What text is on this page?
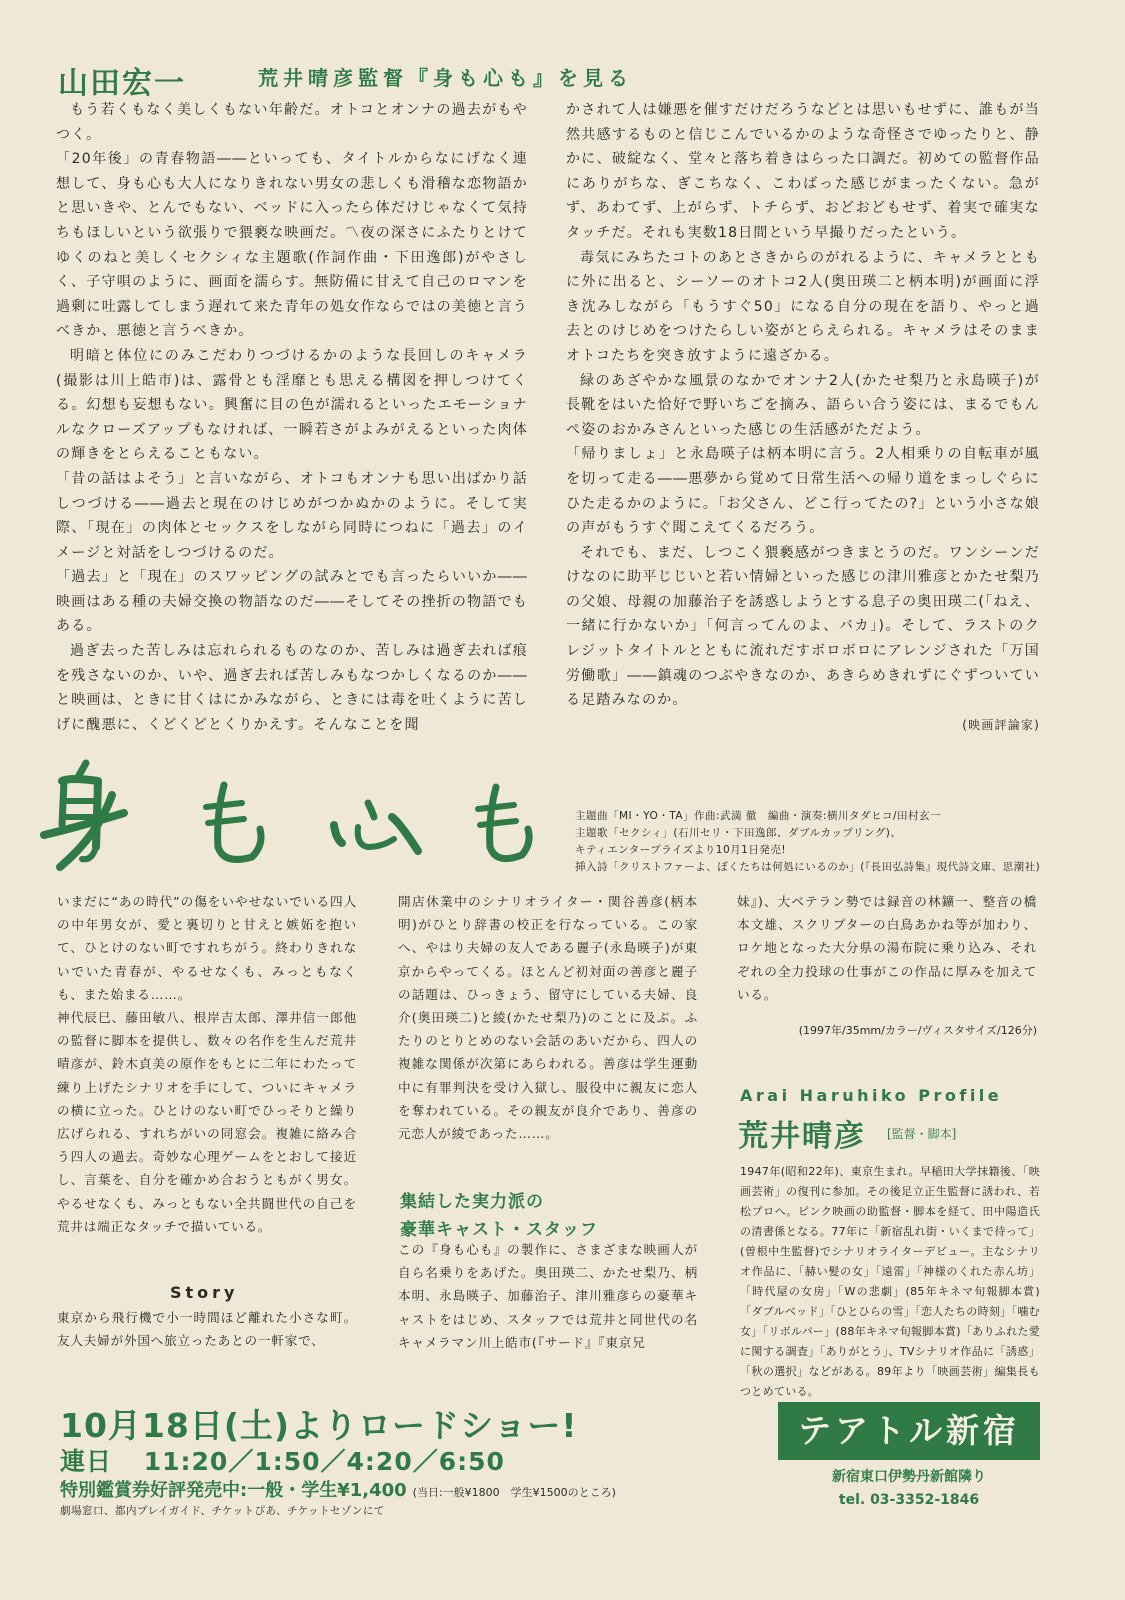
山田宏一	荒井晴彦監督『身も心も』を見る

もう若くもなく美しくもない年齢だ。オトコとオンナの過去がもやつく。

「20年後」の青春物語――といっても、タイトルからなにげなく連想して、身も心も大人になりきれない男女の悲しくも滑稽な恋物語かと思いきや、とんでもない、ベッドに入ったら体だけじゃなくて気持ちもほしいという欲張りで猥褻な映画だ。〽夜の深さにふたりとけてゆくのねと美しくセクシィな主題歌(作詞作曲・下田逸郎)がやさしく、子守唄のように、画面を濡らす。無防備に甘えて自己のロマンを過剰に吐露してしまう遅れて来た青年の処女作ならではの美徳と言うべきか、悪徳と言うべきか。

明暗と体位にのみこだわりつづけるかのような長回しのキャメラ(撮影は川上皓市)は、露骨とも淫靡とも思える構図を押しつけてくる。幻想も妄想もない。興奮に目の色が濡れるといったエモーショナルなクローズアップもなければ、一瞬若さがよみがえるといった肉体の輝きをとらえることもない。

「昔の話はよそう」と言いながら、オトコもオンナも思い出ばかり話しつづける――過去と現在のけじめがつかぬかのように。そして実際、「現在」の肉体とセックスをしながら同時につねに「過去」のイメージと対話をしつづけるのだ。

「過去」と「現在」のスワッピングの試みとでも言ったらいいか――映画はある種の夫婦交換の物語なのだ――そしてその挫折の物語でもある。

過ぎ去った苦しみは忘れられるものなのか、苦しみは過ぎ去れば痕を残さないのか、いや、過ぎ去れば苦しみもなつかしくなるのか――と映画は、ときに甘くはにかみながら、ときには毒を吐くように苦しげに醜悪に、くどくどとくりかえす。そんなことを聞

かされて人は嫌悪を催すだけだろうなどとは思いもせずに、誰もが当然共感するものと信じこんでいるかのような奇怪さでゆったりと、静かに、破綻なく、堂々と落ち着きはらった口調だ。初めての監督作品にありがちな、ぎこちなく、こわばった感じがまったくない。急がず、あわてず、上がらず、トチらず、おどおどもせず、着実で確実なタッチだ。それも実数18日間という早撮りだったという。

毒気にみちたコトのあとさきからのがれるように、キャメラとともに外に出ると、シーソーのオトコ2人(奥田瑛二と柄本明)が画面に浮き沈みしながら「もうすぐ50」になる自分の現在を語り、やっと過去とのけじめをつけたらしい姿がとらえられる。キャメラはそのままオトコたちを突き放すように遠ざかる。

緑のあざやかな風景のなかでオンナ2人(かたせ梨乃と永島暎子)が長靴をはいた恰好で野いちごを摘み、語らい合う姿には、まるでもんぺ姿のおかみさんといった感じの生活感がただよう。

「帰りましょ」と永島暎子は柄本明に言う。2人相乗りの自転車が風を切って走る――悪夢から覚めて日常生活への帰り道をまっしぐらにひた走るかのように。「お父さん、どこ行ってたの?」という小さな娘の声がもうすぐ聞こえてくるだろう。

それでも、まだ、しつこく猥褻感がつきまとうのだ。ワンシーンだけなのに助平じじいと若い情婦といった感じの津川雅彦とかたせ梨乃の父娘、母親の加藤治子を誘惑しようとする息子の奥田瑛二(「ねえ、一緒に行かないか」「何言ってんのよ、バカ」)。そして、ラストのクレジットタイトルとともに流れだすボロボロにアレンジされた「万国労働歌」――鎮魂のつぶやきなのか、あきらめきれずにぐずついている足踏みなのか。

(映画評論家)
主題曲「MI・YO・TA」作曲:武満 徹　編曲・演奏:横川タダヒコ/田村玄一
主題歌「セクシィ」(石川セリ・下田逸郎、ダブルカップリング)、
キティエンタープライズより10月1日発売!
挿入詩「クリストファーよ、ぼくたちは何処にいるのか」(『長田弘詩集』現代詩文庫、思潮社)

いまだに“あの時代”の傷をいやせないでいる四人の中年男女が、愛と裏切りと甘えと嫉妬を抱いて、ひとけのない町ですれちがう。終わりきれないでいた青春が、やるせなくも、みっともなくも、また始まる……。

神代辰巳、藤田敏八、根岸吉太郎、澤井信一郎他の監督に脚本を提供し、数々の名作を生んだ荒井晴彦が、鈴木貞美の原作をもとに二年にわたって練り上げたシナリオを手にして、ついにキャメラの横に立った。ひとけのない町でひっそりと繰り広げられる、すれちがいの同窓会。複雑に絡み合う四人の過去。奇妙な心理ゲームをとおして接近し、言葉を、自分を確かめ合おうともがく男女。やるせなくも、みっともない全共闘世代の自己を荒井は端正なタッチで描いている。

Story
東京から飛行機で小一時間ほど離れた小さな町。友人夫婦が外国へ旅立ったあとの一軒家で、
開店休業中のシナリオライター・関谷善彦(柄本明)がひとり辞書の校正を行なっている。この家へ、やはり夫婦の友人である麗子(永島暎子)が東京からやってくる。ほとんど初対面の善彦と麗子の話題は、ひっきょう、留守にしている夫婦、良介(奥田瑛二)と綾(かたせ梨乃)のことに及ぶ。ふたりのとりとめのない会話のあいだから、四人の複雑な関係が次第にあらわれる。善彦は学生運動中に有罪判決を受け入獄し、服役中に親友に恋人を奪われている。その親友が良介であり、善彦の元恋人が綾であった……。
集結した実力派の
豪華キャスト・スタッフ
この『身も心も』の製作に、さまざまな映画人が自ら名乗りをあげた。奥田瑛二、かたせ梨乃、柄本明、永島暎子、加藤治子、津川雅彦らの豪華キャストをはじめ、スタッフでは荒井と同世代の名キャメラマン川上皓市(『サード』『東京兄
妹』)、大ベテラン勢では録音の林鑛一、整音の橋本文雄、スクリプターの白鳥あかね等が加わり、ロケ地となった大分県の湯布院に乗り込み、それぞれの全力投球の仕事がこの作品に厚みを加えている。
(1997年/35mm/カラー/ヴィスタサイズ/126分)
Arai Haruhiko Profile
荒井晴彦 [監督・脚本]
1947年(昭和22年)、東京生まれ。早稲田大学抹籍後、「映画芸術」の復刊に参加。その後足立正生監督に誘われ、若松プロへ。ピンク映画の助監督・脚本を経て、田中陽造氏の清書係となる。77年に「新宿乱れ街・いくまで待って」(曽根中生監督)でシナリオライターデビュー。主なシナリオ作品に、「赫い髪の女」「遠雷」「神様のくれた赤ん坊」「時代屋の女房」「Wの悲劇」(85年キネマ旬報脚本賞)「ダブルベッド」「ひとひらの雪」「恋人たちの時刻」「噛む女」「リボルバー」(88年キネマ旬報脚本賞)「ありふれた愛に関する調査」「ありがとう」、TVシナリオ作品に「誘惑」「秋の選択」などがある。89年より「映画芸術」編集長もつとめている。
10月18日(土)よりロードショー!
連日 11:20／1:50／4:20／6:50
特別鑑賞券好評発売中:一般・学生¥1,400 (当日:一般¥1800　学生¥1500のところ)
劇場窓口、都内プレイガイド、チケットぴあ、チケットセゾンにて
テアトル新宿
新宿東口伊勢丹新館隣り
tel. 03-3352-1846
